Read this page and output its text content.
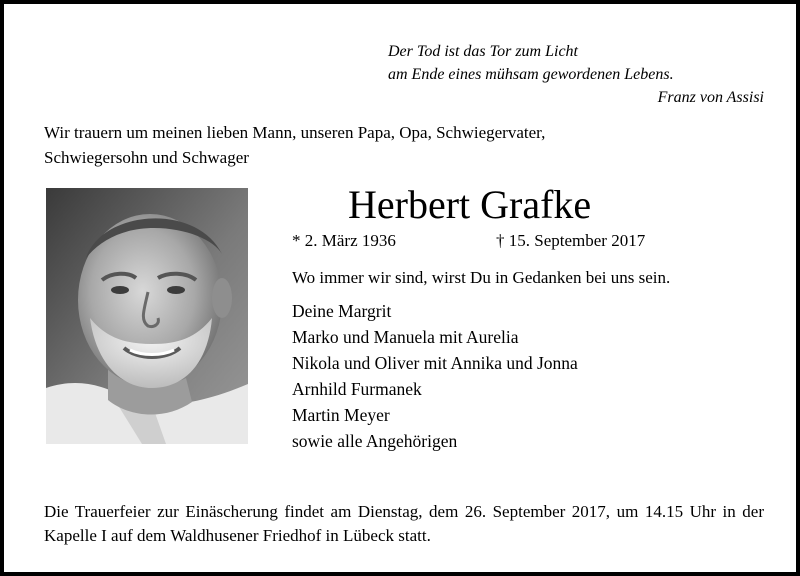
Der Tod ist das Tor zum Licht
am Ende eines mühsam gewordenen Lebens.
Franz von Assisi
Wir trauern um meinen lieben Mann, unseren Papa, Opa, Schwiegervater,
Schwiegersohn und Schwager
Herbert Grafke
* 2. März 1936	† 15. September 2017
Wo immer wir sind, wirst Du in Gedanken bei uns sein.
Deine Margrit
Marko und Manuela mit Aurelia
Nikola und Oliver mit Annika und Jonna
Arnhild Furmanek
Martin Meyer
sowie alle Angehörigen
Die Trauerfeier zur Einäscherung findet am Dienstag, dem 26. September 2017, um 14.15 Uhr in der Kapelle I auf dem Waldhusener Friedhof in Lübeck statt.
